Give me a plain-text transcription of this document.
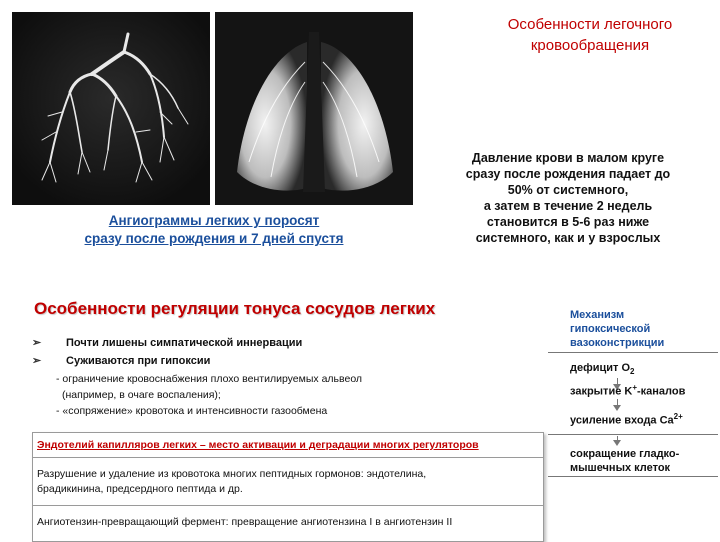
Ангиограммы легких у поросят
сразу после рождения и 7 дней спустя
Особенности легочного кровообращения
Давление крови в малом круге
сразу после рождения падает до
50% от системного,
а затем в течение 2 недель
становится в 5-6 раз ниже
системного, как и у взрослых
Особенности регуляции тонуса сосудов легких
➢ Почти лишены симпатической иннервации
➢ Суживаются при гипоксии
- ограничение кровоснабжения плохо вентилируемых альвеол
(например, в очаге воспаления);
- «сопряжение» кровотока и интенсивности газообмена
Эндотелий капилляров легких – место активации и деградации многих регуляторов
Разрушение и удаление из кровотока многих пептидных гормонов: эндотелина,
брадикинина, предсердного пептида и др.
Ангиотензин-превращающий фермент: превращение ангиотензина I в ангиотензин II
Механизм
гипоксической
вазоконстрикции
дефицит $O_2$
закрытие K+-каналов
усиление входа $Ca^{2+}$
сокращение гладко-
мышечных клеток
